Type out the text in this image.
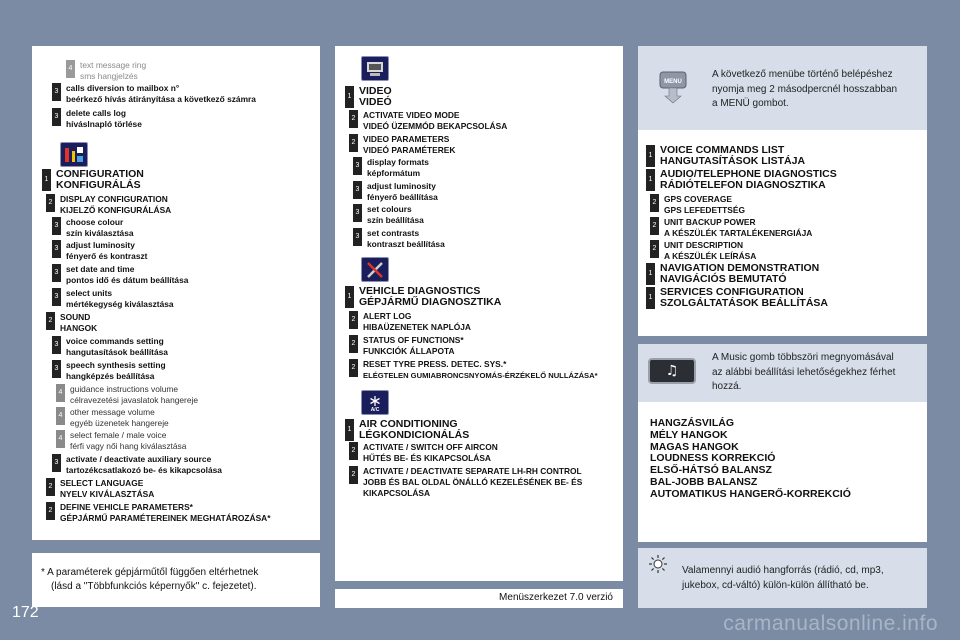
4 text message ring
sms hangjelzés
3 calls diversion to mailbox n°
beérkező hívás átirányítása a következő számra
3 delete calls log
híváslnapló törlése
1 CONFIGURATION
KONFIGURÁLÁS
2 DISPLAY CONFIGURATION
KIJELZŐ KONFIGURÁLÁSA
3 choose colour
szín kiválasztása
3 adjust luminosity
fényerő és kontraszt
3 set date and time
pontos idő és dátum beállítása
3 select units
mértékegység kiválasztása
2 SOUND
HANGOK
3 voice commands setting
hangutasítások beállítása
3 speech synthesis setting
hangképzés beállítása
4 guidance instructions volume
célravezetési javaslatok hangereje
4 other message volume
egyéb üzenetek hangereje
4 select female / male voice
férfi vagy női hang kiválasztása
3 activate / deactivate auxiliary source
tartozékcsatlakozó be- és kikapcsolása
2 SELECT LANGUAGE
NYELV KIVÁLASZTÁSA
2 DEFINE VEHICLE PARAMETERS*
GÉPJÁRMŰ PARAMÉTEREINEK MEGHATÁROZÁSA*
* A paraméterek gépjárműtől függően eltérhetnek
(lásd a "Többfunkciós képernyők" c. fejezetet).
1 VIDEO
VIDEÓ
2 ACTIVATE VIDEO MODE
VIDEÓ ÜZEMMÓD BEKAPCSOLÁSA
2 VIDEO PARAMETERS
VIDEÓ PARAMÉTEREK
3 display formats
képformátum
3 adjust luminosity
fényerő beállítása
3 set colours
szín beállítása
3 set contrasts
kontraszt beállítása
1 VEHICLE DIAGNOSTICS
GÉPJÁRMŰ DIAGNOSZTIKA
2 ALERT LOG
HIBAÜZENETEK NAPLÓJA
2 STATUS OF FUNCTIONS*
FUNKCIÓK ÁLLAPOTA
2 RESET TYRE PRESS. DETEC. SYS.*
ELÉGTELEN GUMIABRONCSNYOMÁS-ÉRZÉKELŐ NULLÁZÁSA*
A/C
1 AIR CONDITIONING
LÉGKONDICIONÁLÁS
2 ACTIVATE / SWITCH OFF AIRCON
HŰTÉS BE- ÉS KIKAPCSOLÁSA
2 ACTIVATE / DEACTIVATE SEPARATE LH-RH CONTROL
JOBB ÉS BAL OLDAL ÖNÁLLÓ KEZELÉSÉNEK BE- ÉS
KIKAPCSOLÁSA
Menüszerkezet 7.0 verzió
MENU
A következő menübe történő belépéshez
nyomja meg 2 másodpercnél hosszabban
a MENÜ gombot.
1 VOICE COMMANDS LIST
HANGUTASÍTÁSOK LISTÁJA
1 AUDIO/TELEPHONE DIAGNOSTICS
RÁDIÓTELEFON DIAGNOSZTIKA
2 GPS COVERAGE
GPS LEFEDETTSÉG
2 UNIT BACKUP POWER
A KÉSZÜLÉK TARTALÉKENERGIÁJA
2 UNIT DESCRIPTION
A KÉSZÜLÉK LEÍRÁSA
1 NAVIGATION DEMONSTRATION
NAVIGÁCIÓS BEMUTATÓ
1 SERVICES CONFIGURATION
SZOLGÁLTATÁSOK BEÁLLÍTÁSA
♫
A Music gomb többszöri megnyomásával
az alábbi beállítási lehetőségekhez férhet
hozzá.
HANGZÁSVILÁG
MÉLY HANGOK
MAGAS HANGOK
LOUDNESS KORREKCIÓ
ELSŐ-HÁTSÓ BALANSZ
BAL-JOBB BALANSZ
AUTOMATIKUS HANGERŐ-KORREKCIÓ
Valamennyi audió hangforrás (rádió, cd, mp3,
jukebox, cd-váltó) külön-külön állítható be.
172	carmanualsonline.info
